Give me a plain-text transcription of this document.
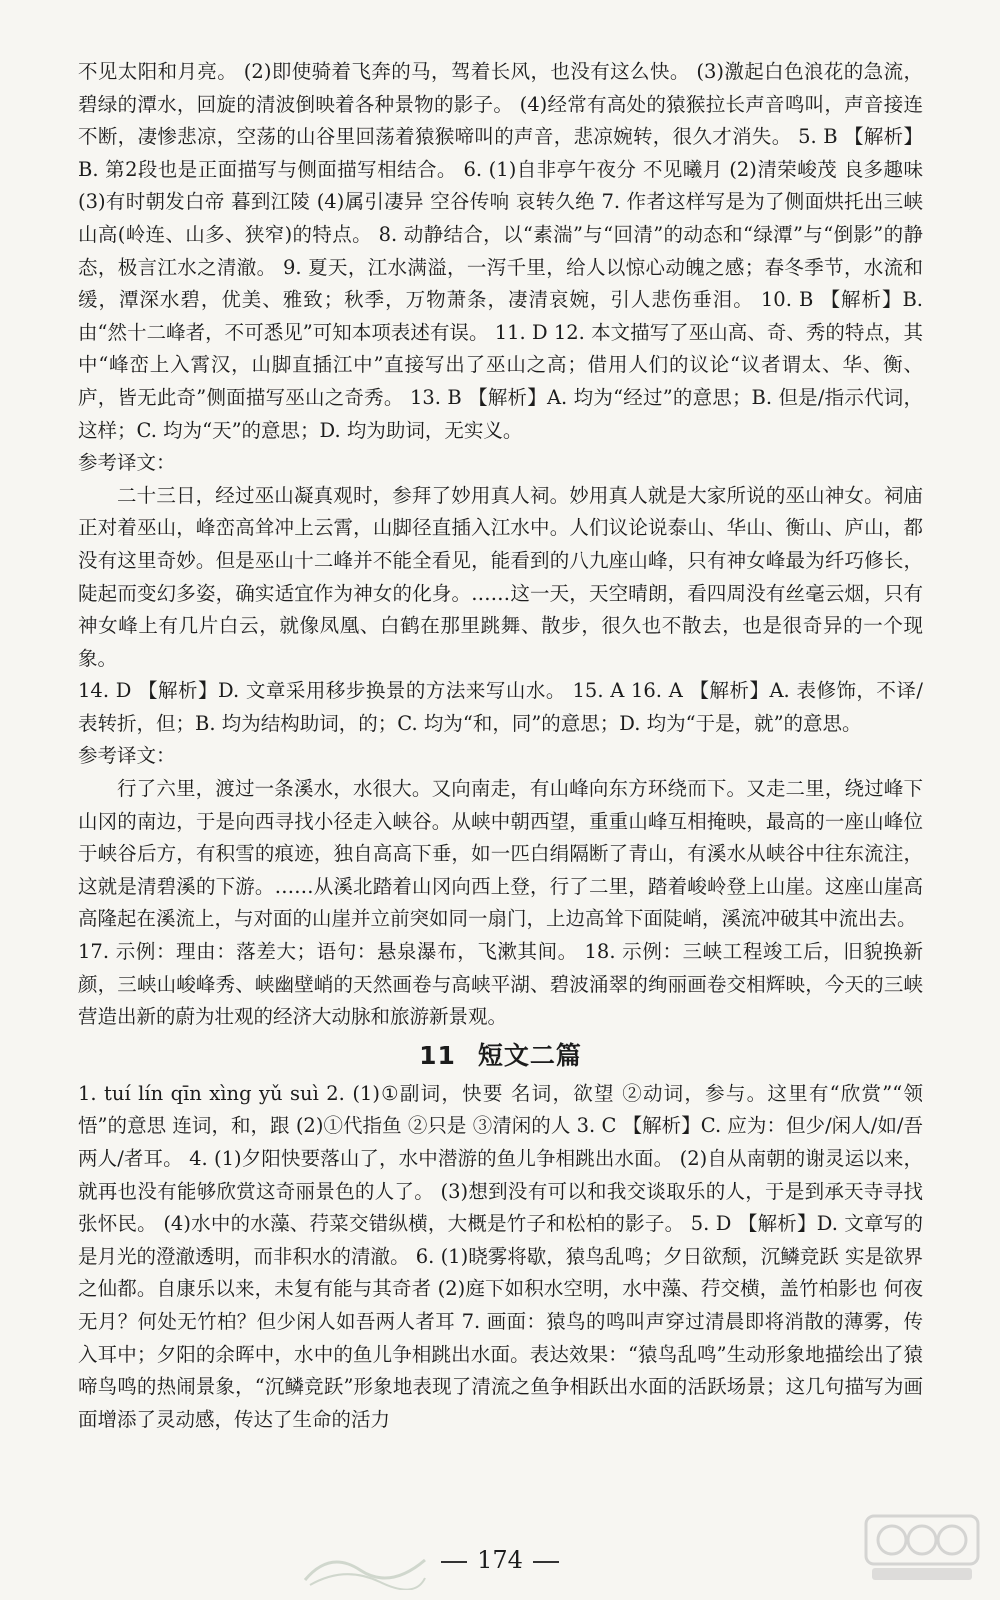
不见太阳和月亮。 (2)即使骑着飞奔的马，驾着长风，也没有这么快。 (3)激起白色浪花的急流，碧绿的潭水，回旋的清波倒映着各种景物的影子。 (4)经常有高处的猿猴拉长声音鸣叫，声音接连不断，凄惨悲凉，空荡的山谷里回荡着猿猴啼叫的声音，悲凉婉转，很久才消失。 5. B 【解析】B. 第2段也是正面描写与侧面描写相结合。 6. (1)自非亭午夜分 不见曦月 (2)清荣峻茂 良多趣味 (3)有时朝发白帝 暮到江陵 (4)属引凄异 空谷传响 哀转久绝 7. 作者这样写是为了侧面烘托出三峡山高(岭连、山多、狭窄)的特点。 8. 动静结合，以“素湍”与“回清”的动态和“绿潭”与“倒影”的静态，极言江水之清澈。 9. 夏天，江水满溢，一泻千里，给人以惊心动魄之感；春冬季节，水流和缓，潭深水碧，优美、雅致；秋季，万物萧条，凄清哀婉，引人悲伤垂泪。 10. B 【解析】B. 由“然十二峰者，不可悉见”可知本项表述有误。 11. D 12. 本文描写了巫山高、奇、秀的特点，其中“峰峦上入霄汉，山脚直插江中”直接写出了巫山之高；借用人们的议论“议者谓太、华、衡、庐，皆无此奇”侧面描写巫山之奇秀。 13. B 【解析】A. 均为“经过”的意思；B. 但是/指示代词，这样；C. 均为“天”的意思；D. 均为助词，无实义。

参考译文：

二十三日，经过巫山凝真观时，参拜了妙用真人祠。妙用真人就是大家所说的巫山神女。祠庙正对着巫山，峰峦高耸冲上云霄，山脚径直插入江水中。人们议论说泰山、华山、衡山、庐山，都没有这里奇妙。但是巫山十二峰并不能全看见，能看到的八九座山峰，只有神女峰最为纤巧修长，陡起而变幻多姿，确实适宜作为神女的化身。……这一天，天空晴朗，看四周没有丝毫云烟，只有神女峰上有几片白云，就像凤凰、白鹤在那里跳舞、散步，很久也不散去，也是很奇异的一个现象。

14. D 【解析】D. 文章采用移步换景的方法来写山水。 15. A 16. A 【解析】A. 表修饰，不译/表转折，但；B. 均为结构助词，的；C. 均为“和，同”的意思；D. 均为“于是，就”的意思。

参考译文：

行了六里，渡过一条溪水，水很大。又向南走，有山峰向东方环绕而下。又走二里，绕过峰下山冈的南边，于是向西寻找小径走入峡谷。从峡中朝西望，重重山峰互相掩映，最高的一座山峰位于峡谷后方，有积雪的痕迹，独自高高下垂，如一匹白绢隔断了青山，有溪水从峡谷中往东流注，这就是清碧溪的下游。……从溪北踏着山冈向西上登，行了二里，踏着峻岭登上山崖。这座山崖高高隆起在溪流上，与对面的山崖并立前突如同一扇门，上边高耸下面陡峭，溪流冲破其中流出去。

17. 示例：理由：落差大；语句：悬泉瀑布，飞漱其间。 18. 示例：三峡工程竣工后，旧貌换新颜，三峡山峻峰秀、峡幽壁峭的天然画卷与高峡平湖、碧波涌翠的绚丽画卷交相辉映，今天的三峡营造出新的蔚为壮观的经济大动脉和旅游新景观。

11 短文二篇

1. tuí lín qīn xìng yǔ suì 2. (1)①副词，快要 名词，欲望 ②动词，参与。这里有“欣赏”“领悟”的意思 连词，和，跟 (2)①代指鱼 ②只是 ③清闲的人 3. C 【解析】C. 应为：但少/闲人/如/吾两人/者耳。 4. (1)夕阳快要落山了，水中潜游的鱼儿争相跳出水面。 (2)自从南朝的谢灵运以来，就再也没有能够欣赏这奇丽景色的人了。 (3)想到没有可以和我交谈取乐的人，于是到承天寺寻找张怀民。 (4)水中的水藻、荇菜交错纵横，大概是竹子和松柏的影子。 5. D 【解析】D. 文章写的是月光的澄澈透明，而非积水的清澈。 6. (1)晓雾将歇，猿鸟乱鸣；夕日欲颓，沉鳞竞跃 实是欲界之仙都。自康乐以来，未复有能与其奇者 (2)庭下如积水空明，水中藻、荇交横，盖竹柏影也 何夜无月？何处无竹柏？但少闲人如吾两人者耳 7. 画面：猿鸟的鸣叫声穿过清晨即将消散的薄雾，传入耳中；夕阳的余晖中，水中的鱼儿争相跳出水面。表达效果：“猿鸟乱鸣”生动形象地描绘出了猿啼鸟鸣的热闹景象，“沉鳞竞跃”形象地表现了清流之鱼争相跃出水面的活跃场景；这几句描写为画面增添了灵动感，传达了生命的活力

174
